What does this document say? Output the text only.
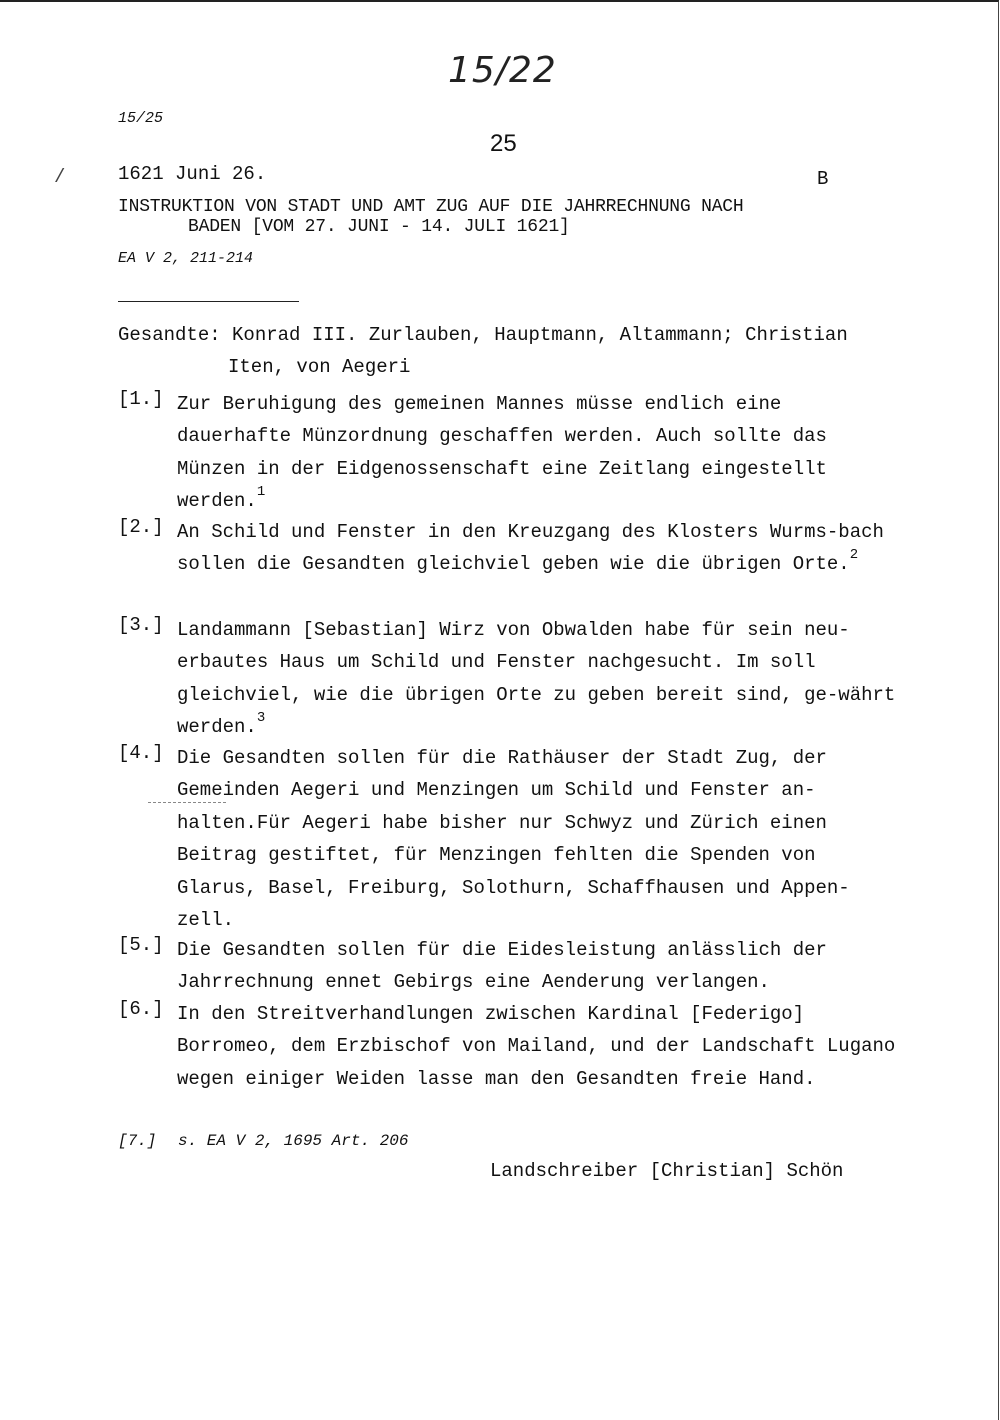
15/25
15/22
25
/	1621 Juni 26.	B
INSTRUKTION VON STADT UND AMT ZUG AUF DIE JAHRRECHNUNG NACH
BADEN [VOM 27. JUNI - 14. JULI 1621]
EA V 2, 211-214
Gesandte: Konrad III. Zurlauben, Hauptmann, Altammann; Christian
Iten, von Aegeri
[1.] Zur Beruhigung des gemeinen Mannes müsse endlich eine dauerhafte Münzordnung geschaffen werden. Auch sollte das Münzen in der Eidgenossenschaft eine Zeitlang eingestellt werden.$^1$
[2.] An Schild und Fenster in den Kreuzgang des Klosters Wurms-bach sollen die Gesandten gleichviel geben wie die übrigen Orte.$^2$
[3.] Landammann [Sebastian] Wirz von Obwalden habe für sein neu-erbautes Haus um Schild und Fenster nachgesucht. Im soll gleichviel, wie die übrigen Orte zu geben bereit sind, ge-währt werden.$^3$
[4.] Die Gesandten sollen für die Rathäuser der Stadt Zug, der Gemeinden Aegeri und Menzingen um Schild und Fenster an-halten.Für Aegeri habe bisher nur Schwyz und Zürich einen Beitrag gestiftet, für Menzingen fehlten die Spenden von Glarus, Basel, Freiburg, Solothurn, Schaffhausen und Appen-zell.
[5.] Die Gesandten sollen für die Eidesleistung anlässlich der Jahrrechnung ennet Gebirgs eine Aenderung verlangen.
[6.] In den Streitverhandlungen zwischen Kardinal [Federigo] Borromeo, dem Erzbischof von Mailand, und der Landschaft Lugano wegen einiger Weiden lasse man den Gesandten freie Hand.
[7.] s. EA V 2, 1695 Art. 206
Landschreiber [Christian] Schön
